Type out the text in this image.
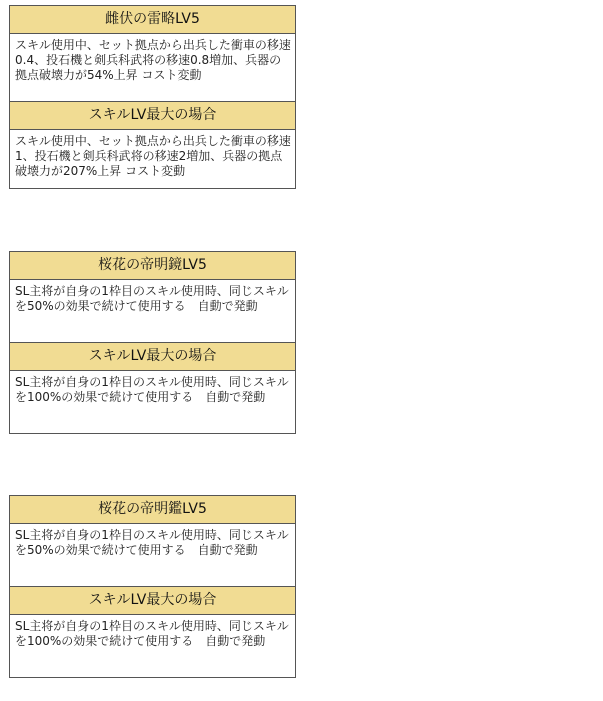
雌伏の雷略LV5
スキル使用中、セット拠点から出兵した衝車の移速0.4、投石機と剣兵科武将の移速0.8増加、兵器の拠点破壊力が54%上昇 コスト変動
スキルLV最大の場合
スキル使用中、セット拠点から出兵した衝車の移速1、投石機と剣兵科武将の移速2増加、兵器の拠点破壊力が207%上昇 コスト変動
桜花の帝明鏡LV5
SL主将が自身の1枠目のスキル使用時、同じスキルを50%の効果で続けて使用する　自動で発動
スキルLV最大の場合
SL主将が自身の1枠目のスキル使用時、同じスキルを100%の効果で続けて使用する　自動で発動
桜花の帝明鑑LV5
SL主将が自身の1枠目のスキル使用時、同じスキルを50%の効果で続けて使用する　自動で発動
スキルLV最大の場合
SL主将が自身の1枠目のスキル使用時、同じスキルを100%の効果で続けて使用する　自動で発動
